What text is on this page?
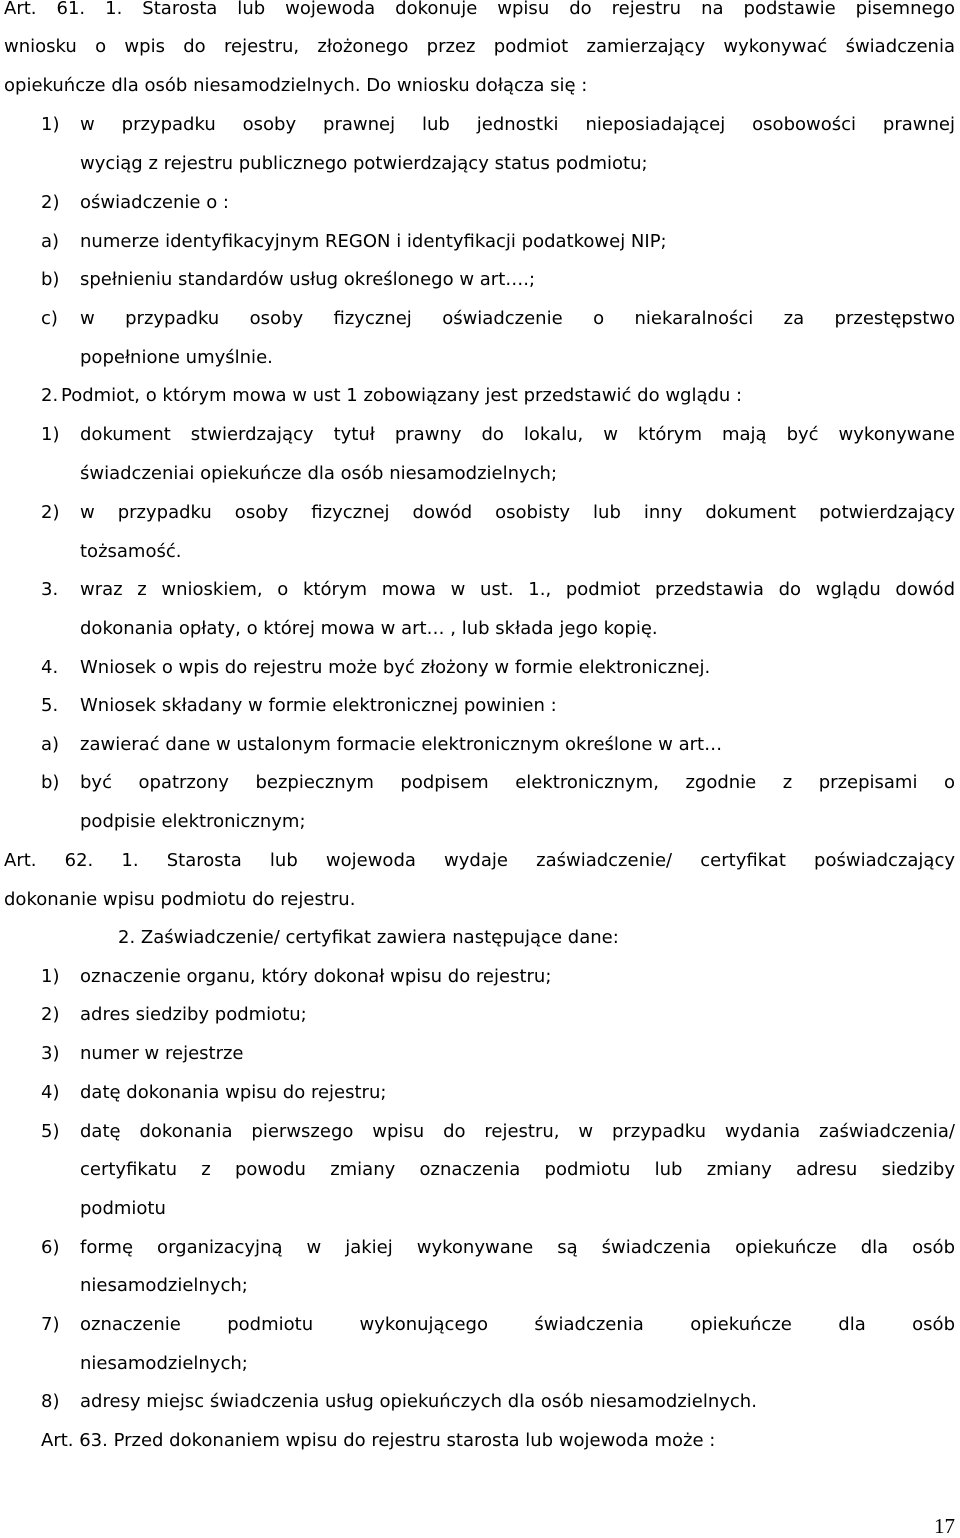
Art. 61. 1. Starosta lub wojewoda dokonuje wpisu do rejestru na podstawie pisemnego
wniosku o wpis do rejestru, złożonego przez podmiot zamierzający wykonywać świadczenia
opiekuńcze dla osób niesamodzielnych. Do wniosku dołącza się :
1) w przypadku osoby prawnej lub jednostki nieposiadającej osobowości prawnej
wyciąg z rejestru publicznego potwierdzający status podmiotu;
2) oświadczenie o :
a) numerze identyfikacyjnym REGON i identyfikacji podatkowej NIP;
b) spełnieniu standardów usług określonego w art….;
c) w przypadku osoby fizycznej oświadczenie o niekaralności za przestępstwo
popełnione umyślnie.
2. Podmiot, o którym mowa w ust 1 zobowiązany jest przedstawić do wglądu :
1) dokument stwierdzający tytuł prawny do lokalu, w którym mają być wykonywane
świadczeniai opiekuńcze dla osób niesamodzielnych;
2) w przypadku osoby fizycznej dowód osobisty lub inny dokument potwierdzający
tożsamość.
3. wraz z wnioskiem, o którym mowa w ust. 1., podmiot przedstawia do wglądu dowód
dokonania opłaty, o której mowa w art… , lub składa jego kopię.
4. Wniosek o wpis do rejestru może być złożony w formie elektronicznej.
5. Wniosek składany w formie elektronicznej powinien :
a) zawierać dane w ustalonym formacie elektronicznym określone w art…
b) być opatrzony bezpiecznym podpisem elektronicznym, zgodnie z przepisami o
podpisie elektronicznym;
Art. 62. 1. Starosta lub wojewoda wydaje zaświadczenie/ certyfikat poświadczający
dokonanie wpisu podmiotu do rejestru.
2. Zaświadczenie/ certyfikat zawiera następujące dane:
1) oznaczenie organu, który dokonał wpisu do rejestru;
2) adres siedziby podmiotu;
3) numer w rejestrze
4) datę dokonania wpisu do rejestru;
5) datę dokonania pierwszego wpisu do rejestru, w przypadku wydania zaświadczenia/
certyfikatu z powodu zmiany oznaczenia podmiotu lub zmiany adresu siedziby
podmiotu
6) formę organizacyjną w jakiej wykonywane są świadczenia opiekuńcze dla osób
niesamodzielnych;
7) oznaczenie podmiotu wykonującego świadczenia opiekuńcze dla osób
niesamodzielnych;
8) adresy miejsc świadczenia usług opiekuńczych dla osób niesamodzielnych.
Art. 63. Przed dokonaniem wpisu do rejestru starosta lub wojewoda może :
17
